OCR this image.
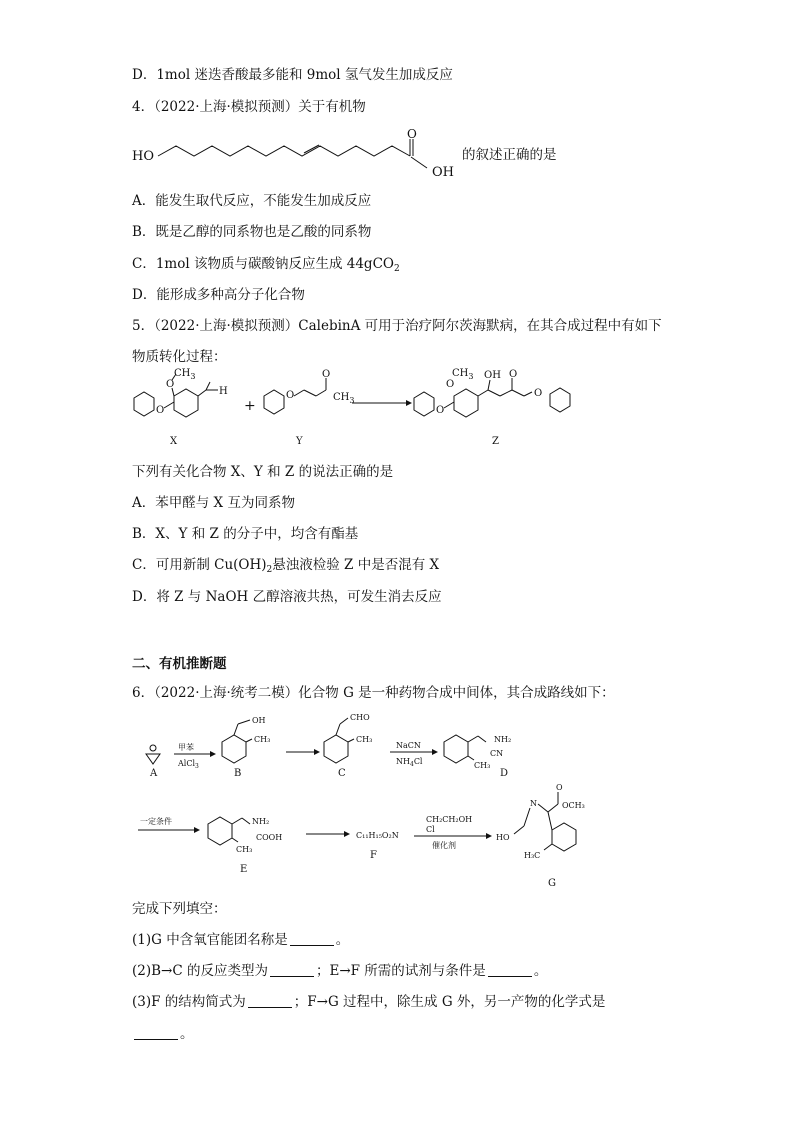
D．1mol 迷迭香酸最多能和 9mol 氢气发生加成反应
4．（2022·上海·模拟预测）关于有机物
HO
O
OH
的叙述正确的是
A．能发生取代反应，不能发生加成反应
B．既是乙醇的同系物也是乙酸的同系物
C．1mol 该物质与碳酸钠反应生成 44gCO$_2$
D．能形成多种高分子化合物
5．（2022·上海·模拟预测）CalebinA 可用于治疗阿尔茨海默病，在其合成过程中有如下
物质转化过程：
O
O
$CH_3$
H
X
+
O
O
$CH_3$
Y
O
O
$CH_3$ OH O
O
Z
下列有关化合物 X、Y 和 Z 的说法正确的是
A．苯甲醛与 X 互为同系物
B．X、Y 和 Z 的分子中，均含有酯基
C．可用新制 $Cu(OH)_2$悬浊液检验 Z 中是否混有 X
D．将 Z 与 NaOH 乙醇溶液共热，可发生消去反应
二、有机推断题
6．（2022·上海·统考二模）化合物 G 是一种药物合成中间体，其合成路线如下：
A
甲苯
AlCl$_3$
OH
CH₃
B
CHO
CH₃
C
NaCN
$NH_4Cl$
NH₂
CN
CH₃
D
一定条件	NH₂
COOH
CH₃
E
C₁₁H₁₅O₂N
F
CH₂CH₂OH
Cl
催化剂
HO
N
O
OCH₃
H₃C
G
完成下列填空：
(1)G 中含氧官能团名称是	。
(2)B→C 的反应类型为	；E→F 所需的试剂与条件是	。
(3)F 的结构简式为	；F→G 过程中，除生成 G 外，另一产物的化学式是
。
